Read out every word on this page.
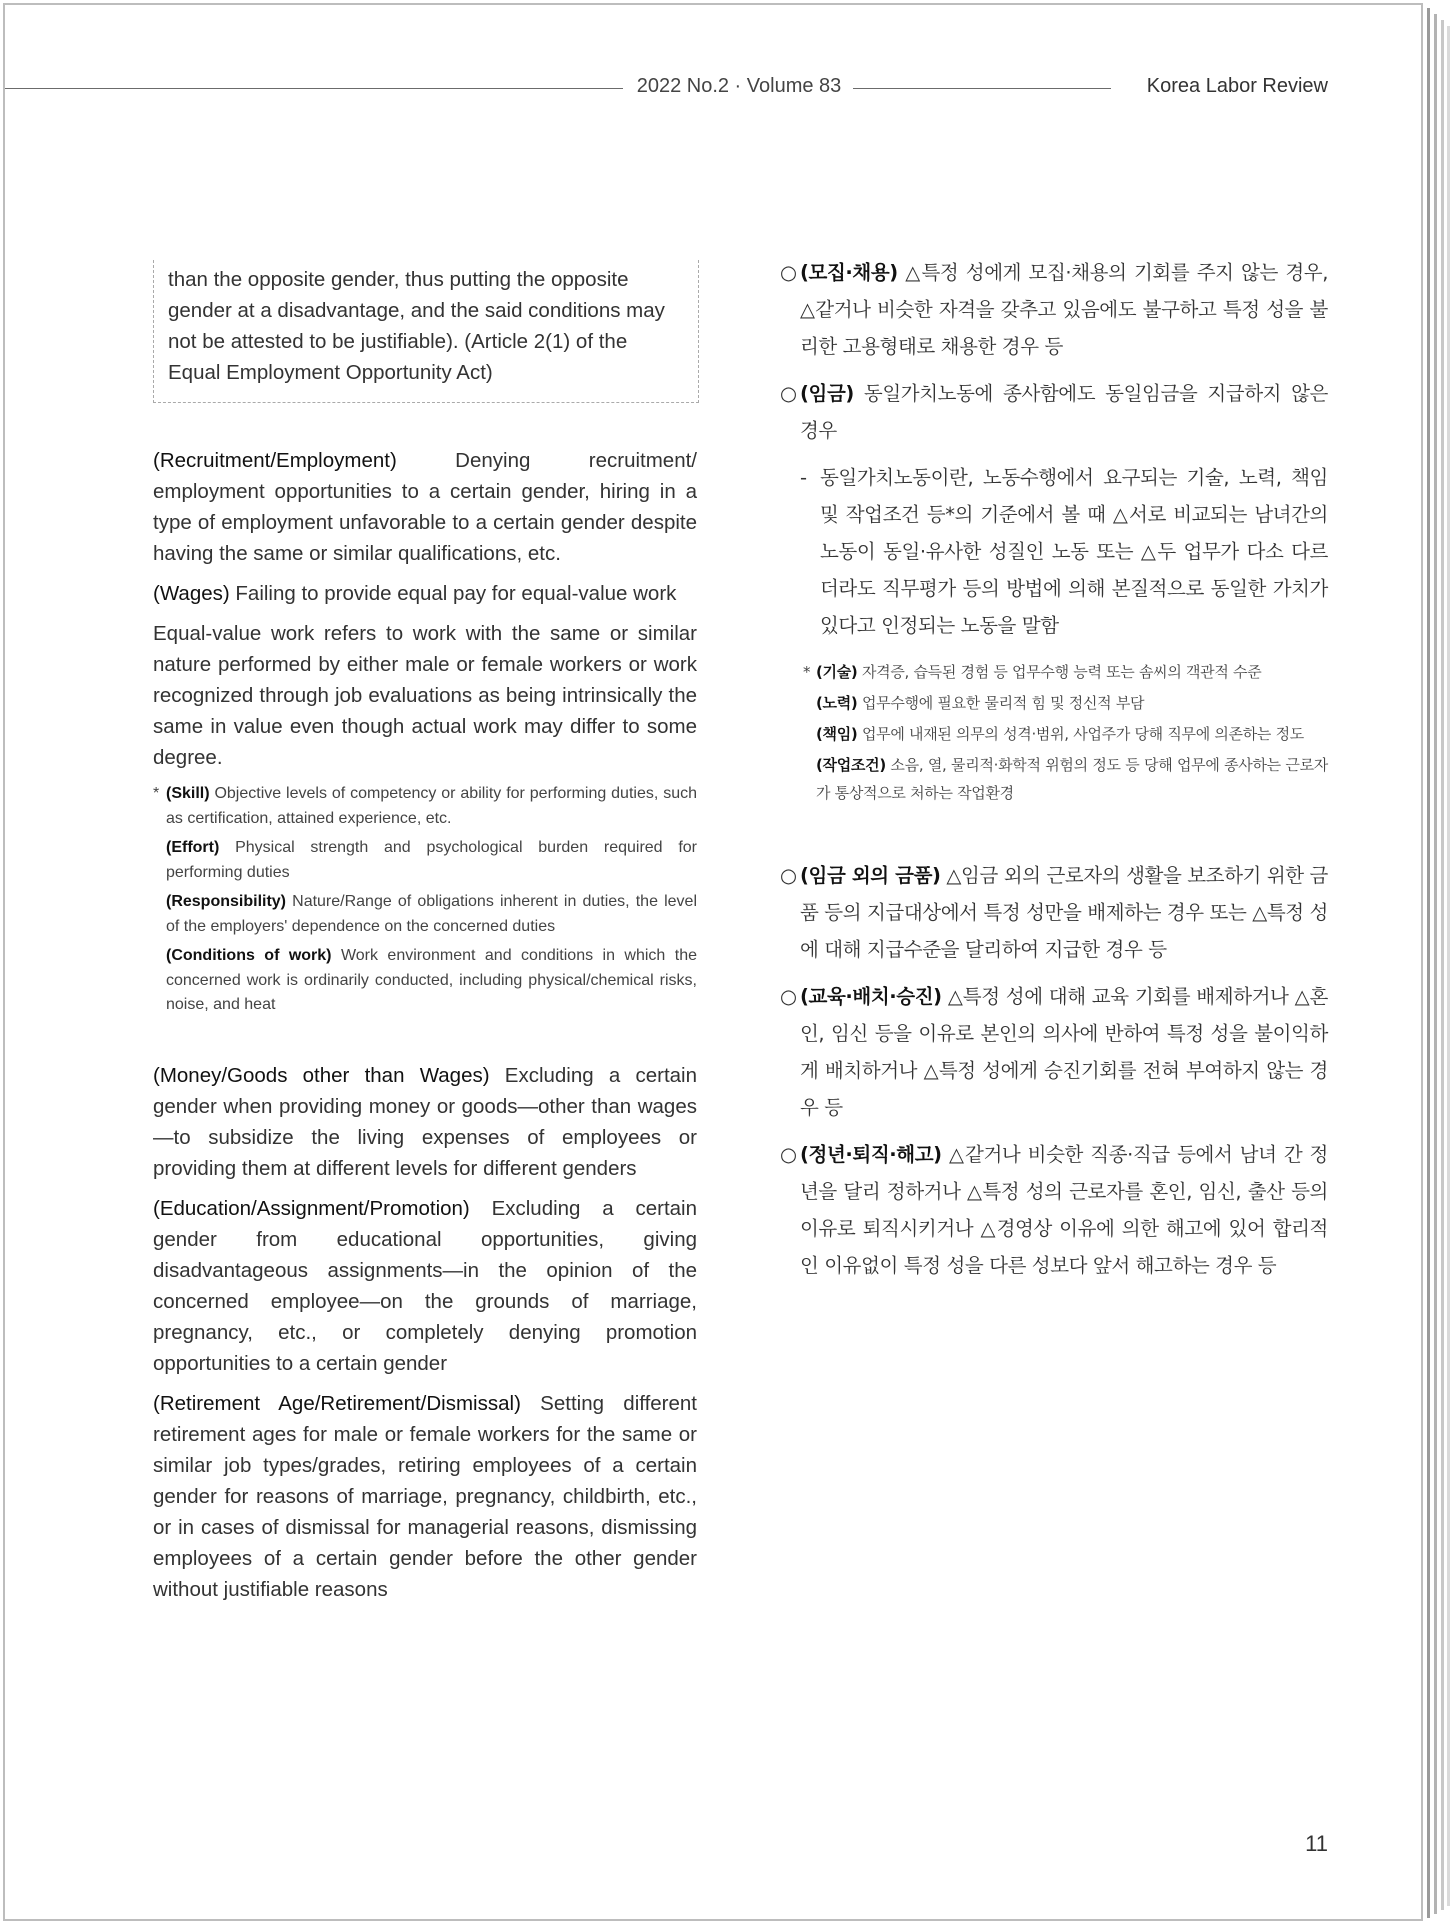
2022 No.2 · Volume 83	Korea Labor Review
than the opposite gender, thus putting the opposite gender at a disadvantage, and the said conditions may not be attested to be justifiable). (Article 2(1) of the Equal Employment Opportunity Act)

(Recruitment/Employment) Denying recruitment/ employment opportunities to a certain gender, hiring in a type of employment unfavorable to a certain gender despite having the same or similar qualifications, etc.

(Wages) Failing to provide equal pay for equal-value work

Equal-value work refers to work with the same or similar nature performed by either male or female workers or work recognized through job evaluations as being intrinsically the same in value even though actual work may differ to some degree.

* (Skill) Objective levels of competency or ability for performing duties, such as certification, attained experience, etc.
(Effort) Physical strength and psychological burden required for performing duties
(Responsibility) Nature/Range of obligations inherent in duties, the level of the employers' dependence on the concerned duties
(Conditions of work) Work environment and conditions in which the concerned work is ordinarily conducted, including physical/chemical risks, noise, and heat

(Money/Goods other than Wages) Excluding a certain gender when providing money or goods—other than wages—to subsidize the living expenses of employees or providing them at different levels for different genders

(Education/Assignment/Promotion) Excluding a certain gender from educational opportunities, giving disadvantageous assignments—in the opinion of the concerned employee—on the grounds of marriage, pregnancy, etc., or completely denying promotion opportunities to a certain gender

(Retirement Age/Retirement/Dismissal) Setting different retirement ages for male or female workers for the same or similar job types/grades, retiring employees of a certain gender for reasons of marriage, pregnancy, childbirth, etc., or in cases of dismissal for managerial reasons, dismissing employees of a certain gender before the other gender without justifiable reasons

○ (모집·채용) △특정 성에게 모집·채용의 기회를 주지 않는 경우, △같거나 비슷한 자격을 갖추고 있음에도 불구하고 특정 성을 불리한 고용형태로 채용한 경우 등
○ (임금) 동일가치노동에 종사함에도 동일임금을 지급하지 않은 경우
- 동일가치노동이란, 노동수행에서 요구되는 기술, 노력, 책임 및 작업조건 등*의 기준에서 볼 때 △서로 비교되는 남녀간의 노동이 동일·유사한 성질인 노동 또는 △두 업무가 다소 다르더라도 직무평가 등의 방법에 의해 본질적으로 동일한 가치가 있다고 인정되는 노동을 말함
* (기술) 자격증, 습득된 경험 등 업무수행 능력 또는 솜씨의 객관적 수준
(노력) 업무수행에 필요한 물리적 힘 및 정신적 부담
(책임) 업무에 내재된 의무의 성격·범위, 사업주가 당해 직무에 의존하는 정도
(작업조건) 소음, 열, 물리적·화학적 위험의 정도 등 당해 업무에 종사하는 근로자가 통상적으로 처하는 작업환경
○ (임금 외의 금품) △임금 외의 근로자의 생활을 보조하기 위한 금품 등의 지급대상에서 특정 성만을 배제하는 경우 또는 △특정 성에 대해 지급수준을 달리하여 지급한 경우 등
○ (교육·배치·승진) △특정 성에 대해 교육 기회를 배제하거나 △혼인, 임신 등을 이유로 본인의 의사에 반하여 특정 성을 불이익하게 배치하거나 △특정 성에게 승진기회를 전혀 부여하지 않는 경우 등
○ (정년·퇴직·해고) △같거나 비슷한 직종·직급 등에서 남녀 간 정년을 달리 정하거나 △특정 성의 근로자를 혼인, 임신, 출산 등의 이유로 퇴직시키거나 △경영상 이유에 의한 해고에 있어 합리적인 이유없이 특정 성을 다른 성보다 앞서 해고하는 경우 등
11
